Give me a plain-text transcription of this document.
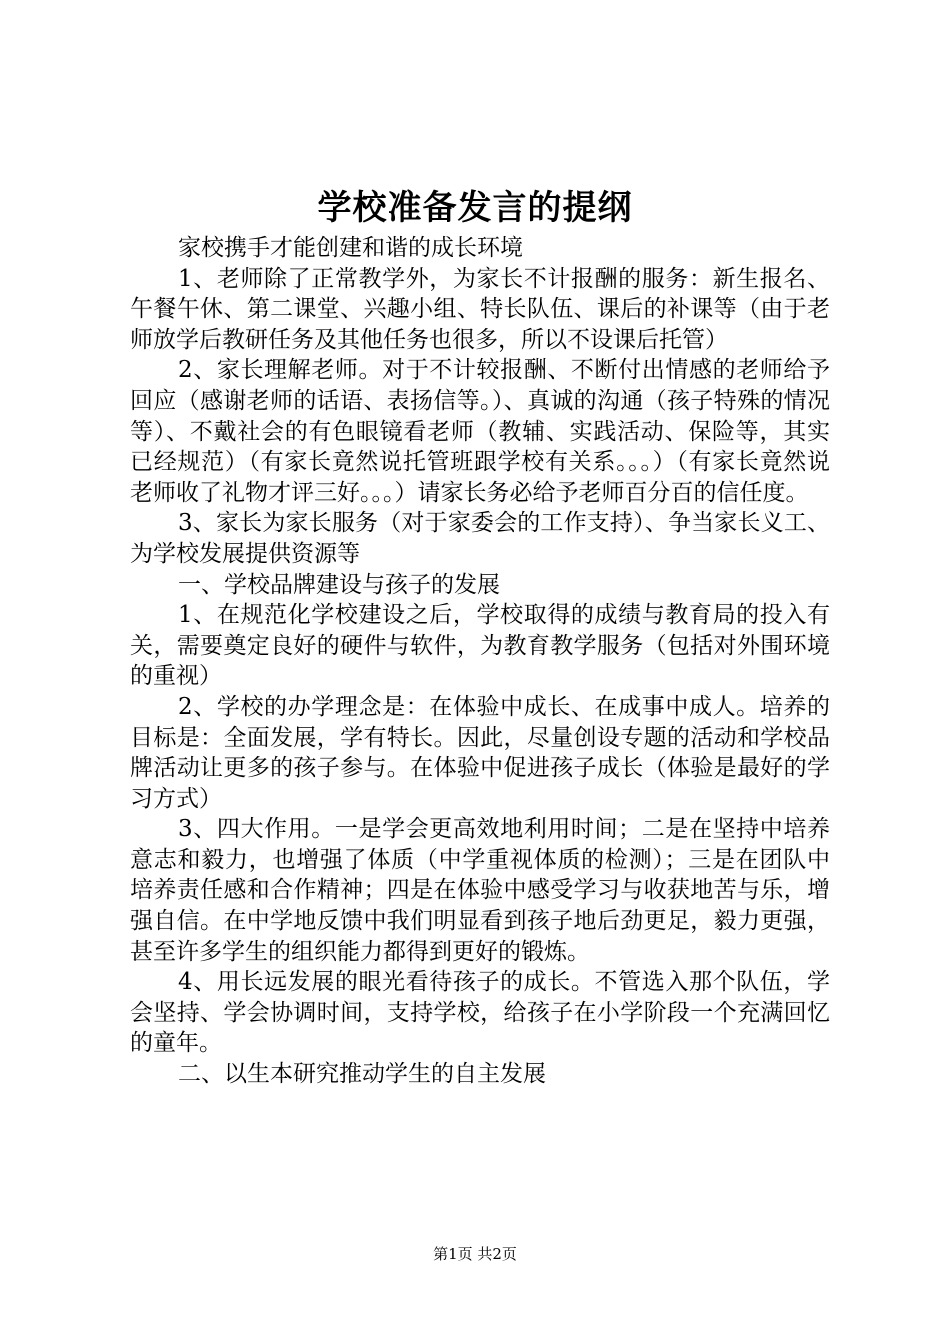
学校准备发言的提纲

家校携手才能创建和谐的成长环境

1、老师除了正常教学外，为家长不计报酬的服务：新生报名、午餐午休、第二课堂、兴趣小组、特长队伍、课后的补课等（由于老师放学后教研任务及其他任务也很多，所以不设课后托管）

2、家长理解老师。对于不计较报酬、不断付出情感的老师给予回应（感谢老师的话语、表扬信等。）、真诚的沟通（孩子特殊的情况等）、不戴社会的有色眼镜看老师（教辅、实践活动、保险等，其实已经规范）（有家长竟然说托管班跟学校有关系。。。）（有家长竟然说老师收了礼物才评三好。。。）请家长务必给予老师百分百的信任度。

3、家长为家长服务（对于家委会的工作支持）、争当家长义工、为学校发展提供资源等

一、学校品牌建设与孩子的发展

1、在规范化学校建设之后，学校取得的成绩与教育局的投入有关，需要奠定良好的硬件与软件，为教育教学服务（包括对外围环境的重视）

2、学校的办学理念是：在体验中成长、在成事中成人。培养的目标是：全面发展，学有特长。因此，尽量创设专题的活动和学校品牌活动让更多的孩子参与。在体验中促进孩子成长（体验是最好的学习方式）

3、四大作用。一是学会更高效地利用时间；二是在坚持中培养意志和毅力，也增强了体质（中学重视体质的检测）；三是在团队中培养责任感和合作精神；四是在体验中感受学习与收获地苦与乐，增强自信。在中学地反馈中我们明显看到孩子地后劲更足，毅力更强，甚至许多学生的组织能力都得到更好的锻炼。

4、用长远发展的眼光看待孩子的成长。不管选入那个队伍，学会坚持、学会协调时间，支持学校，给孩子在小学阶段一个充满回忆的童年。

二、以生本研究推动学生的自主发展

第1页 共2页
